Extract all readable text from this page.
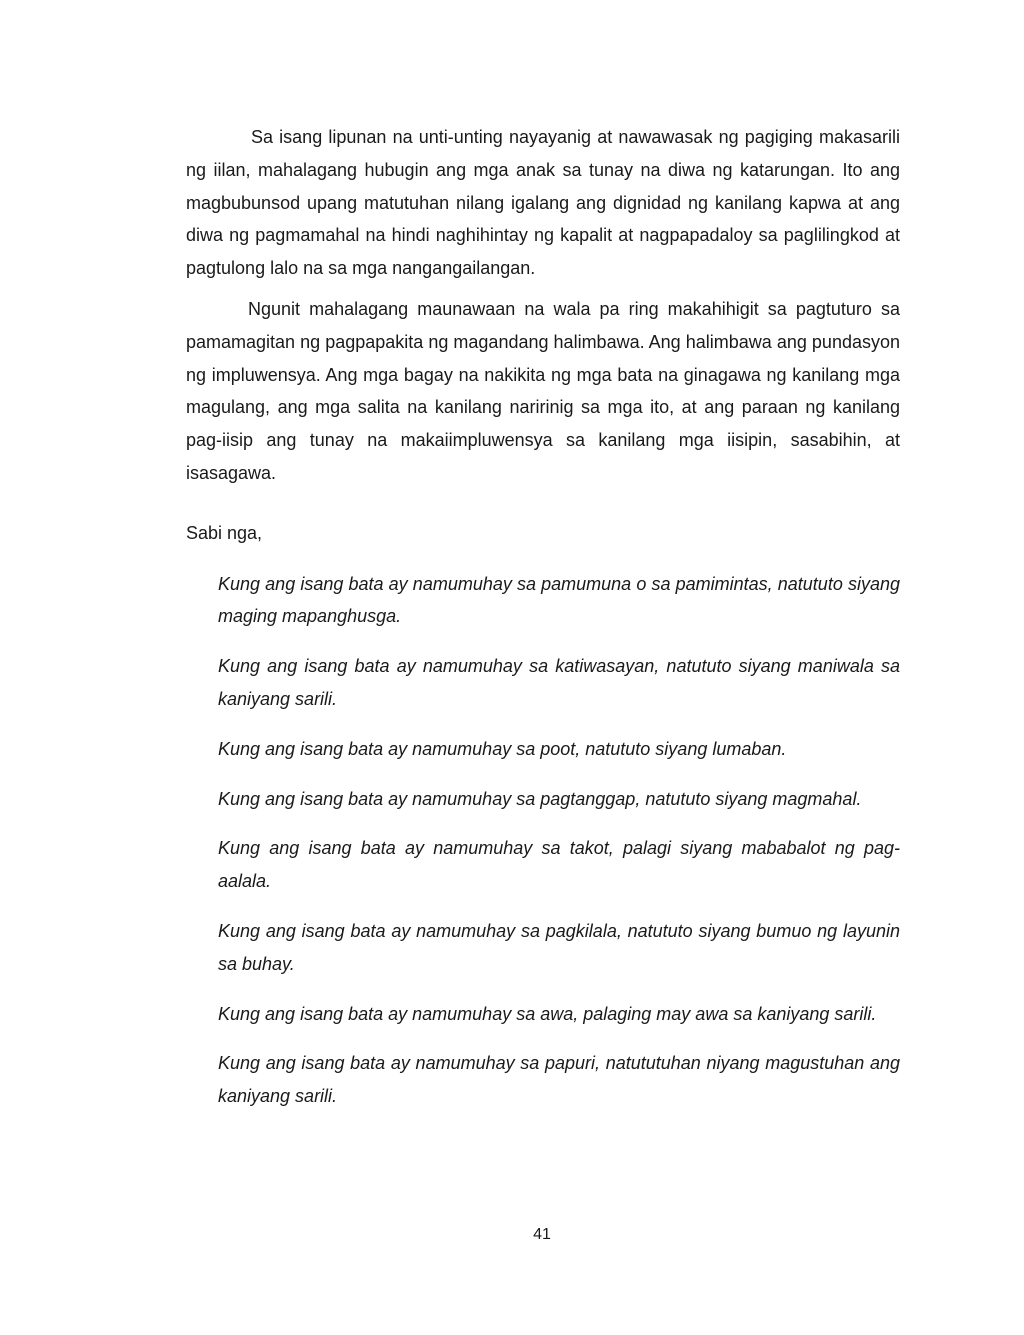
Sa isang lipunan na unti-unting nayayanig at nawawasak ng pagiging makasarili ng iilan, mahalagang hubugin ang mga anak sa tunay na diwa ng katarungan. Ito ang magbubunsod upang matutuhan nilang igalang ang dignidad ng kanilang kapwa at ang diwa ng pagmamahal na hindi naghihintay ng kapalit at nagpapadaloy sa paglilingkod at pagtulong lalo na sa mga nangangailangan.

Ngunit mahalagang maunawaan na wala pa ring makahihigit sa pagtuturo sa pamamagitan ng pagpapakita ng magandang halimbawa. Ang halimbawa ang pundasyon ng impluwensya. Ang mga bagay na nakikita ng mga bata na ginagawa ng kanilang mga magulang, ang mga salita na kanilang naririnig sa mga ito, at ang paraan ng kanilang pag-iisip ang tunay na makaiimpluwensya sa kanilang mga iisipin, sasabihin, at isasagawa.

Sabi nga,

Kung ang isang bata ay namumuhay sa pamumuna o sa pamimintas, natututo siyang maging mapanghusga.
Kung ang isang bata ay namumuhay sa katiwasayan, natututo siyang maniwala sa kaniyang sarili.
Kung ang isang bata ay namumuhay sa poot, natututo siyang lumaban.
Kung ang isang bata ay namumuhay sa pagtanggap, natututo siyang magmahal.
Kung ang isang bata ay namumuhay sa takot, palagi siyang mababalot ng pag-aalala.
Kung ang isang bata ay namumuhay sa pagkilala, natututo siyang bumuo ng layunin sa buhay.
Kung ang isang bata ay namumuhay sa awa, palaging may awa sa kaniyang sarili.
Kung ang isang bata ay namumuhay sa papuri, natututuhan niyang magustuhan ang kaniyang sarili.
41
